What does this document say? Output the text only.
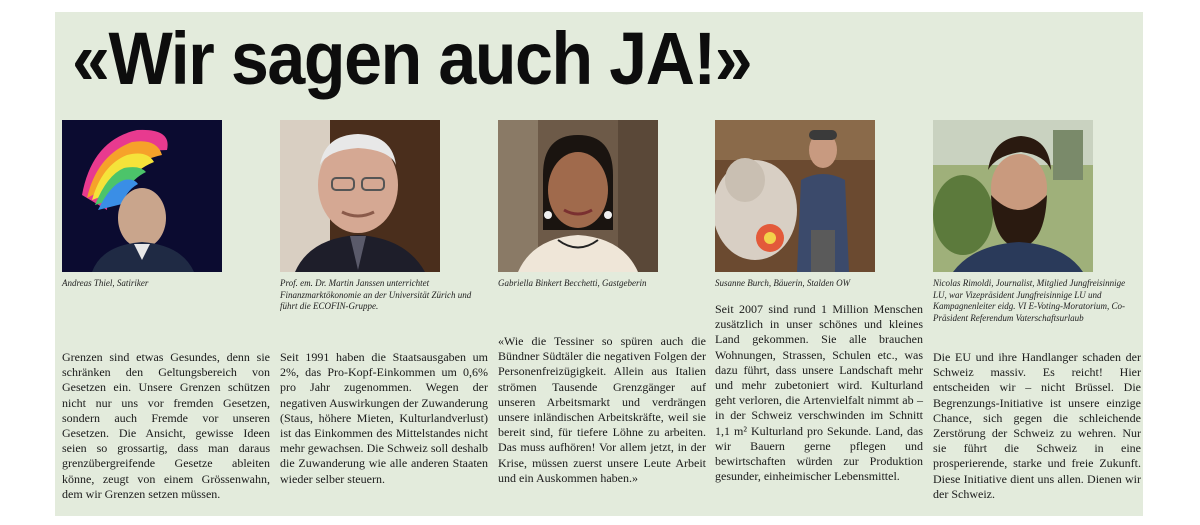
«Wir sagen auch JA!»
Andreas Thiel, Satiriker
Grenzen sind etwas Gesundes, denn sie schränken den Geltungsbereich von Gesetzen ein. Unsere Grenzen schützen nicht nur uns vor fremden Gesetzen, sondern auch Fremde vor unseren Gesetzen. Die Ansicht, gewisse Ideen seien so grossartig, dass man daraus grenzübergreifende Gesetze ableiten könne, zeugt von einem Grössenwahn, dem wir Grenzen setzen müssen.
Prof. em. Dr. Martin Janssen unterrichtet Finanzmarktökonomie an der Universität Zürich und führt die ECOFIN-Gruppe.
Seit 1991 haben die Staatsausgaben um 2%, das Pro-Kopf-Einkommen um 0,6% pro Jahr zugenommen. Wegen der negativen Auswirkungen der Zuwanderung (Staus, höhere Mieten, Kulturlandverlust) ist das Einkommen des Mittelstandes nicht mehr gewachsen. Die Schweiz soll deshalb die Zuwanderung wie alle anderen Staaten wieder selber steuern.
Gabriella Binkert Becchetti, Gastgeberin
«Wie die Tessiner so spüren auch die Bündner Südtäler die negativen Folgen der Personenfreizügigkeit. Allein aus Italien strömen Tausende Grenzgänger auf unseren Arbeitsmarkt und verdrängen unsere inländischen Arbeitskräfte, weil sie bereit sind, für tiefere Löhne zu arbeiten. Das muss aufhören! Vor allem jetzt, in der Krise, müssen zuerst unsere Leute Arbeit und ein Auskommen haben.»
Susanne Burch, Bäuerin, Stalden OW
Seit 2007 sind rund 1 Million Menschen zusätzlich in unser schönes und kleines Land gekommen. Sie alle brauchen Wohnungen, Strassen, Schulen etc., was dazu führt, dass unsere Landschaft mehr und mehr zubetoniert wird. Kulturland geht verloren, die Artenvielfalt nimmt ab – in der Schweiz verschwinden im Schnitt 1,1 m² Kulturland pro Sekunde. Land, das wir Bauern gerne pflegen und bewirtschaften würden zur Produktion gesunder, einheimischer Lebensmittel.
Nicolas Rimoldi, Journalist, Mitglied Jungfreisinnige LU, war Vizepräsident Jungfreisinnige LU und Kampagnenleiter eidg. VI E-Voting-Moratorium, Co-Präsident Referendum Vaterschaftsurlaub
Die EU und ihre Handlanger schaden der Schweiz massiv. Es reicht! Hier entscheiden wir – nicht Brüssel. Die Begrenzungs-Initiative ist unsere einzige Chance, sich gegen die schleichende Zerstörung der Schweiz zu wehren. Nur sie führt die Schweiz in eine prosperierende, starke und freie Zukunft. Diese Initiative dient uns allen. Dienen wir der Schweiz.
